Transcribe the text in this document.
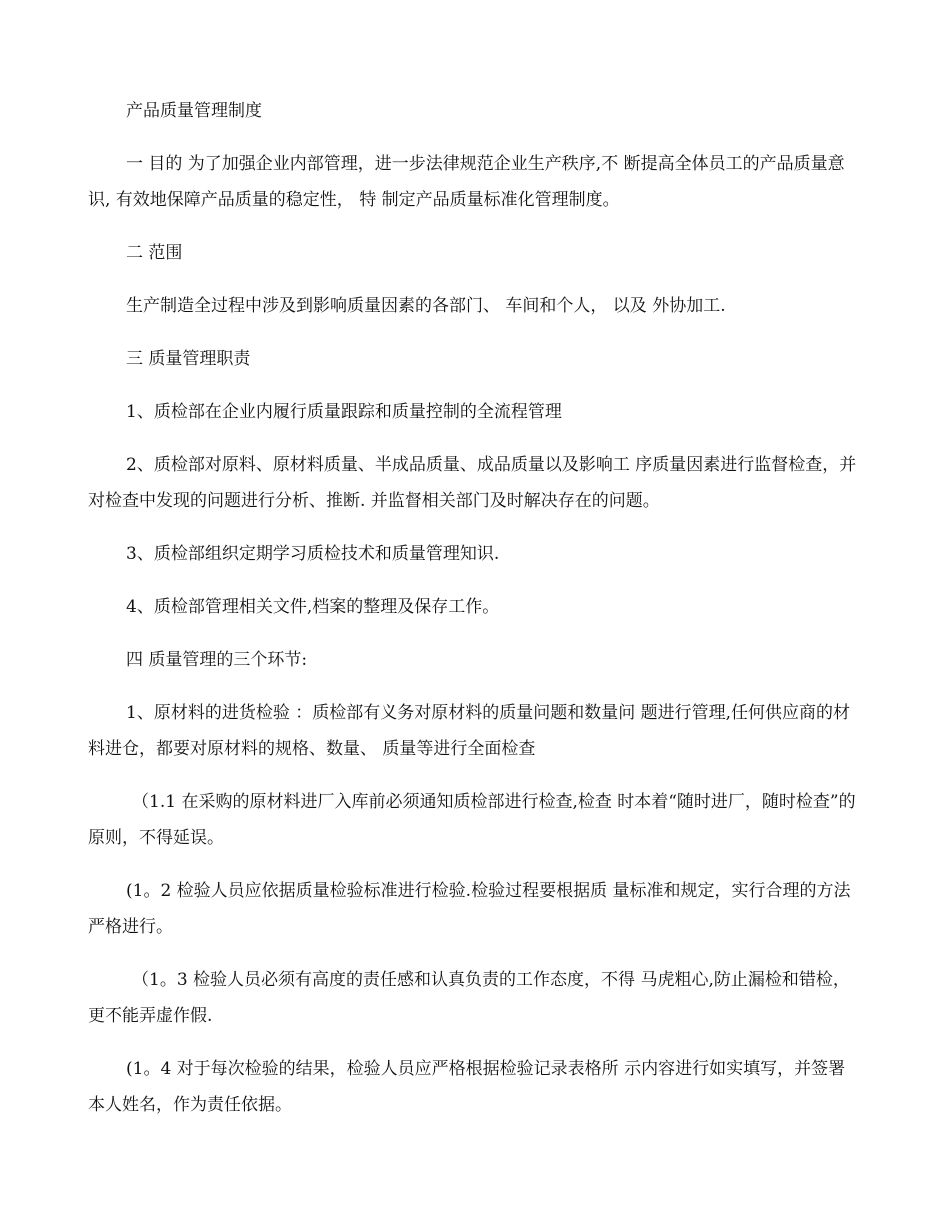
产品质量管理制度

一 目的 为了加强企业内部管理，进一步法律规范企业生产秩序,不 断提高全体员工的产品质量意识, 有效地保障产品质量的稳定性， 特 制定产品质量标准化管理制度。

二 范围

生产制造全过程中涉及到影响质量因素的各部门、 车间和个人， 以及 外协加工.

三 质量管理职责

1、质检部在企业内履行质量跟踪和质量控制的全流程管理

2、质检部对原料、原材料质量、半成品质量、成品质量以及影响工 序质量因素进行监督检查，并对检查中发现的问题进行分析、推断. 并监督相关部门及时解决存在的问题。

3、质检部组织定期学习质检技术和质量管理知识.

4、质检部管理相关文件,档案的整理及保存工作。

四 质量管理的三个环节:

1、原材料的进货检验 ：质检部有义务对原材料的质量问题和数量问 题进行管理,任何供应商的材料进仓，都要对原材料的规格、数量、 质量等进行全面检查

（1.1 在采购的原材料进厂入库前必须通知质检部进行检查,检查 时本着“随时进厂，随时检查”的原则，不得延误。

(1。2 检验人员应依据质量检验标准进行检验.检验过程要根据质 量标准和规定，实行合理的方法严格进行。

（1。3 检验人员必须有高度的责任感和认真负责的工作态度，不得 马虎粗心,防止漏检和错检，更不能弄虚作假.

(1。4 对于每次检验的结果，检验人员应严格根据检验记录表格所 示内容进行如实填写，并签署本人姓名，作为责任依据。
